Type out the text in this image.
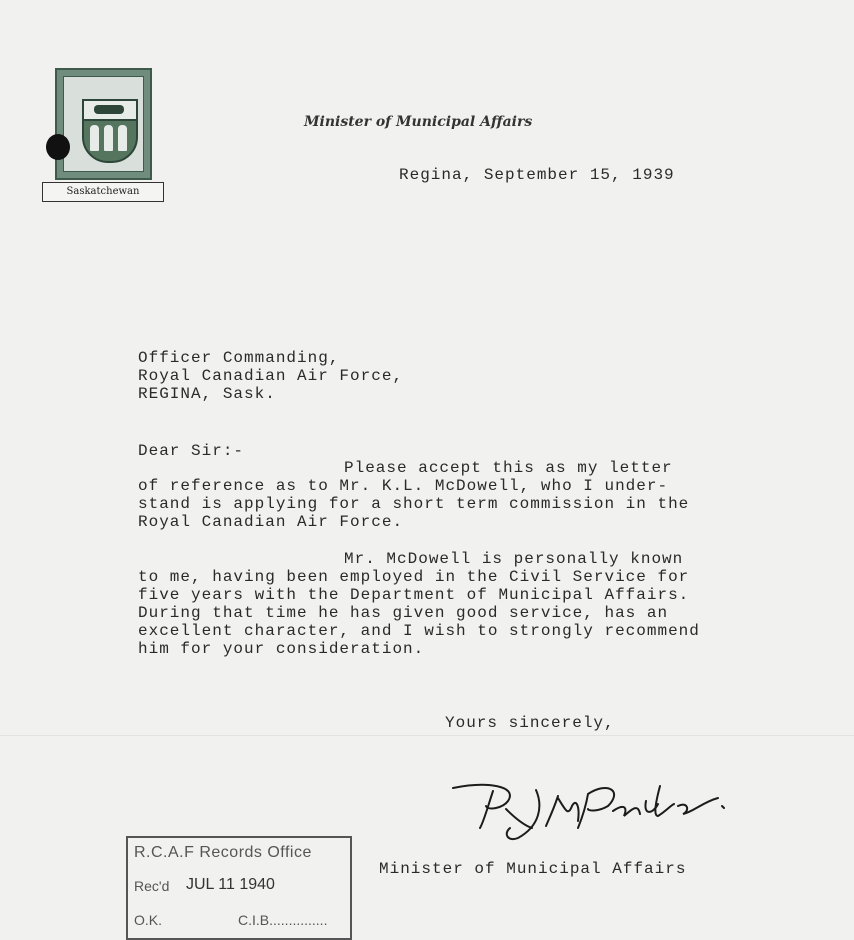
Saskatchewan
Minister of Municipal Affairs
Regina, September 15, 1939
Officer Commanding,
Royal Canadian Air Force,
REGINA, Sask.
Dear Sir:-
Please accept this as my letter
of reference as to Mr. K.L. McDowell, who I under-
stand is applying for a short term commission in the
Royal Canadian Air Force.
Mr. McDowell is personally known
to me, having been employed in the Civil Service for
five years with the Department of Municipal Affairs.
During that time he has given good service, has an
excellent character, and I wish to strongly recommend
him for your consideration.
Yours sincerely,
Minister of Municipal Affairs
R.C.A.F Records Office
Rec'd JUL 11 1940
O.K.	C.I.B...............
